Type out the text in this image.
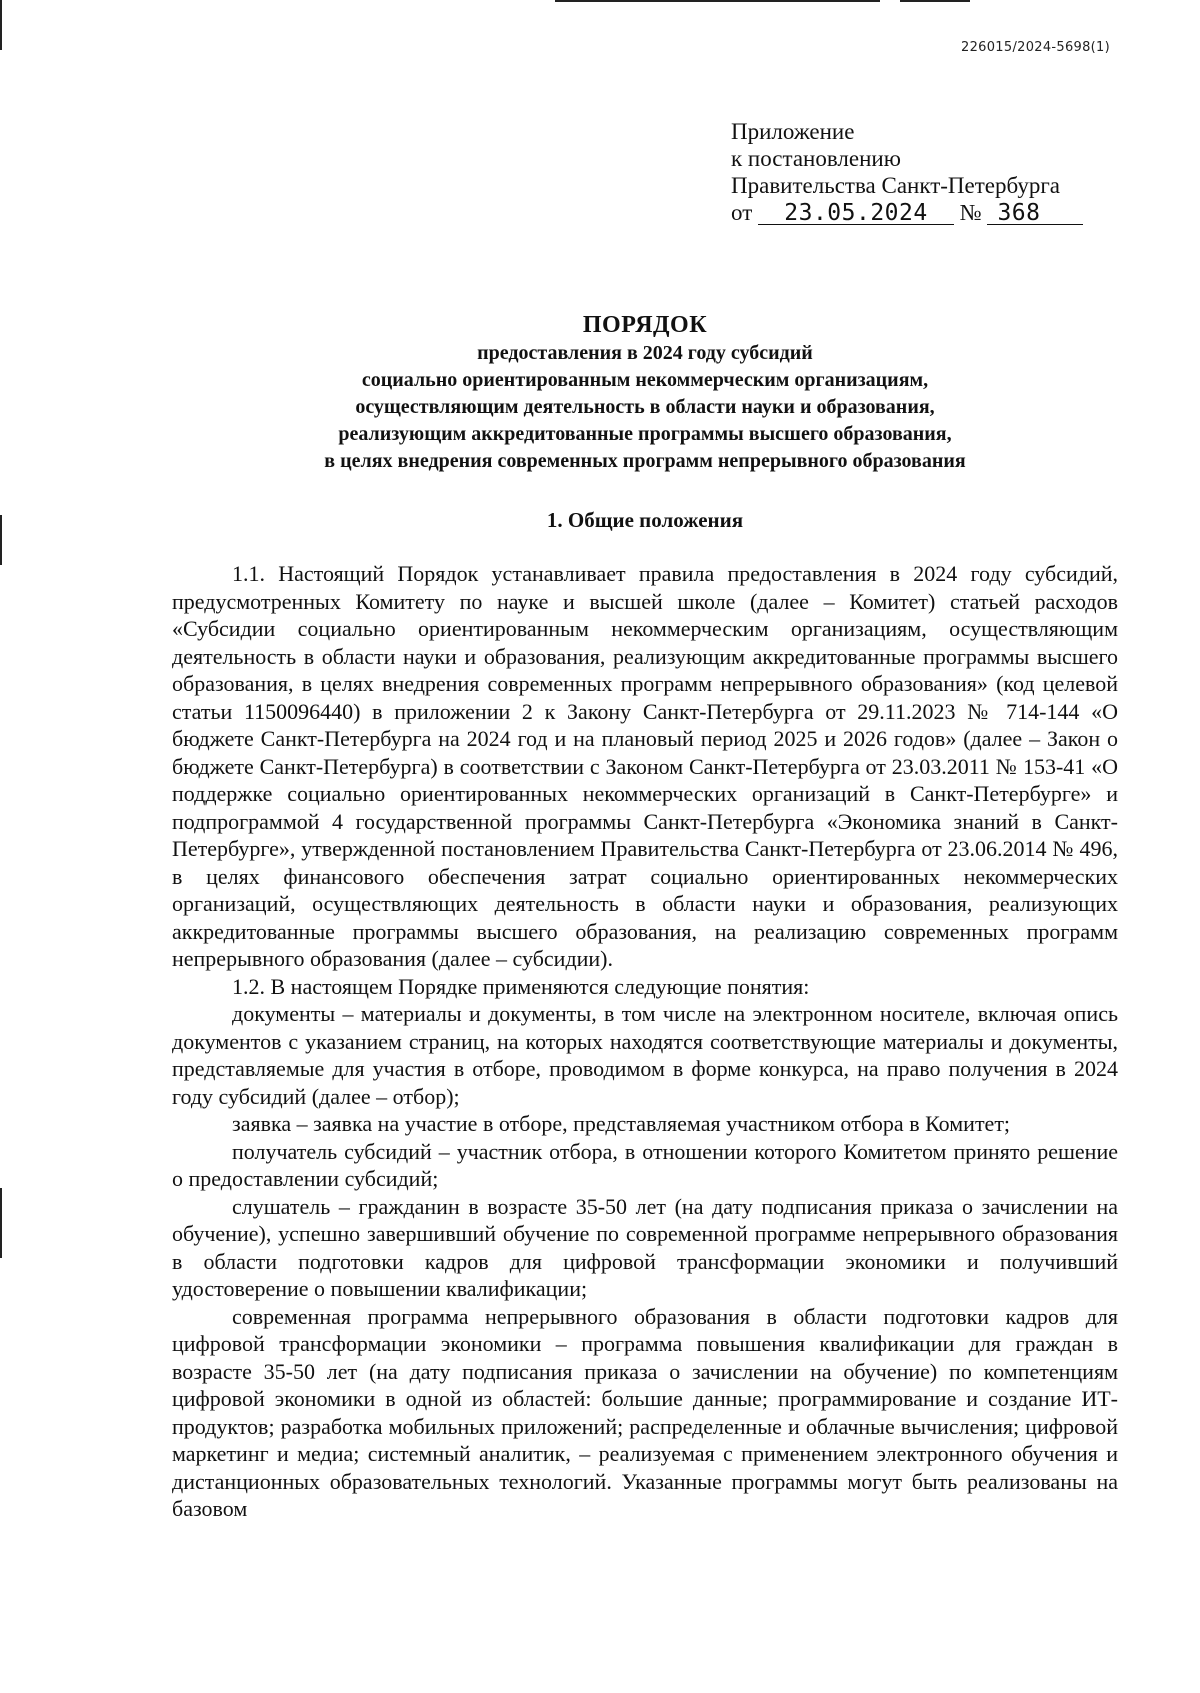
226015/2024-5698(1)
Приложение
к постановлению
Правительства Санкт-Петербурга
от 23.05.2024 № 368
ПОРЯДОК
предоставления в 2024 году субсидий
социально ориентированным некоммерческим организациям,
осуществляющим деятельность в области науки и образования,
реализующим аккредитованные программы высшего образования,
в целях внедрения современных программ непрерывного образования
1. Общие положения

1.1. Настоящий Порядок устанавливает правила предоставления в 2024 году субсидий, предусмотренных Комитету по науке и высшей школе (далее – Комитет) статьей расходов «Субсидии социально ориентированным некоммерческим организациям, осуществляющим деятельность в области науки и образования, реализующим аккредитованные программы высшего образования, в целях внедрения современных программ непрерывного образования» (код целевой статьи 1150096440) в приложении 2 к Закону Санкт-Петербурга от 29.11.2023 № 714-144 «О бюджете Санкт-Петербурга на 2024 год и на плановый период 2025 и 2026 годов» (далее – Закон о бюджете Санкт-Петербурга) в соответствии с Законом Санкт-Петербурга от 23.03.2011 № 153-41 «О поддержке социально ориентированных некоммерческих организаций в Санкт-Петербурге» и подпрограммой 4 государственной программы Санкт-Петербурга «Экономика знаний в Санкт-Петербурге», утвержденной постановлением Правительства Санкт-Петербурга от 23.06.2014 № 496, в целях финансового обеспечения затрат социально ориентированных некоммерческих организаций, осуществляющих деятельность в области науки и образования, реализующих аккредитованные программы высшего образования, на реализацию современных программ непрерывного образования (далее – субсидии).

1.2. В настоящем Порядке применяются следующие понятия:

документы – материалы и документы, в том числе на электронном носителе, включая опись документов с указанием страниц, на которых находятся соответствующие материалы и документы, представляемые для участия в отборе, проводимом в форме конкурса, на право получения в 2024 году субсидий (далее – отбор);

заявка – заявка на участие в отборе, представляемая участником отбора в Комитет;

получатель субсидий – участник отбора, в отношении которого Комитетом принято решение о предоставлении субсидий;

слушатель – гражданин в возрасте 35-50 лет (на дату подписания приказа о зачислении на обучение), успешно завершивший обучение по современной программе непрерывного образования в области подготовки кадров для цифровой трансформации экономики и получивший удостоверение о повышении квалификации;

современная программа непрерывного образования в области подготовки кадров для цифровой трансформации экономики – программа повышения квалификации для граждан в возрасте 35-50 лет (на дату подписания приказа о зачислении на обучение) по компетенциям цифровой экономики в одной из областей: большие данные; программирование и создание ИТ-продуктов; разработка мобильных приложений; распределенные и облачные вычисления; цифровой маркетинг и медиа; системный аналитик, – реализуемая с применением электронного обучения и дистанционных образовательных технологий. Указанные программы могут быть реализованы на базовом
